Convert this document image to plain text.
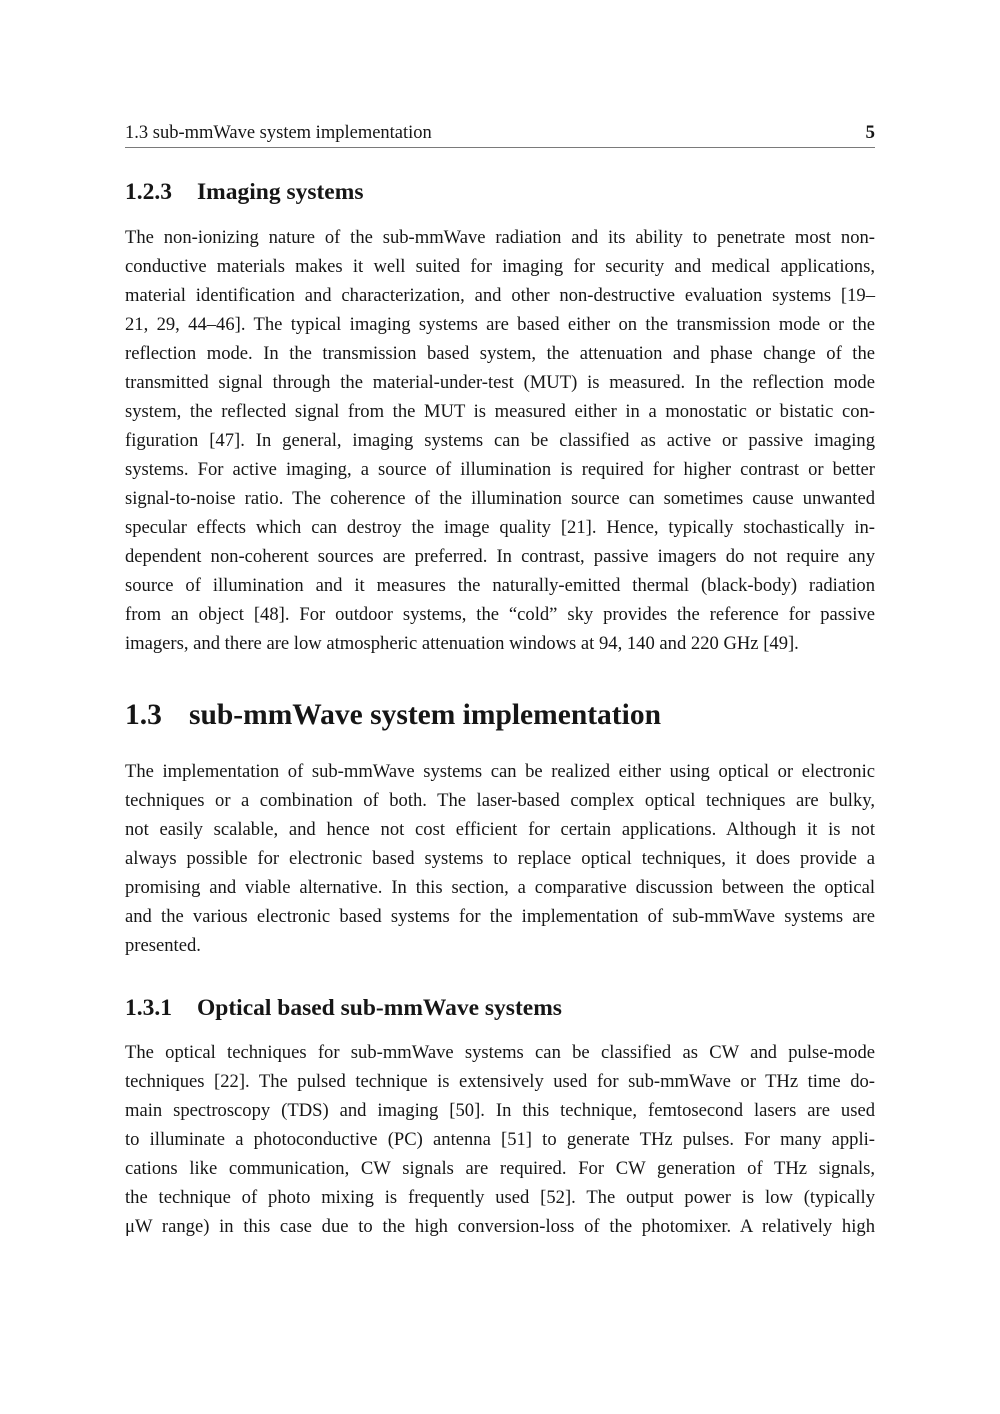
1.3 sub-mmWave system implementation	5
1.2.3 Imaging systems
The non-ionizing nature of the sub-mmWave radiation and its ability to penetrate most non-
conductive materials makes it well suited for imaging for security and medical applications,
material identification and characterization, and other non-destructive evaluation systems [19–
21, 29, 44–46]. The typical imaging systems are based either on the transmission mode or the
reflection mode. In the transmission based system, the attenuation and phase change of the
transmitted signal through the material-under-test (MUT) is measured. In the reflection mode
system, the reflected signal from the MUT is measured either in a monostatic or bistatic con-
figuration [47]. In general, imaging systems can be classified as active or passive imaging
systems. For active imaging, a source of illumination is required for higher contrast or better
signal-to-noise ratio. The coherence of the illumination source can sometimes cause unwanted
specular effects which can destroy the image quality [21]. Hence, typically stochastically in-
dependent non-coherent sources are preferred. In contrast, passive imagers do not require any
source of illumination and it measures the naturally-emitted thermal (black-body) radiation
from an object [48]. For outdoor systems, the “cold” sky provides the reference for passive
imagers, and there are low atmospheric attenuation windows at 94, 140 and 220 GHz [49].
1.3 sub-mmWave system implementation
The implementation of sub-mmWave systems can be realized either using optical or electronic
techniques or a combination of both. The laser-based complex optical techniques are bulky,
not easily scalable, and hence not cost efficient for certain applications. Although it is not
always possible for electronic based systems to replace optical techniques, it does provide a
promising and viable alternative. In this section, a comparative discussion between the optical
and the various electronic based systems for the implementation of sub-mmWave systems are
presented.
1.3.1 Optical based sub-mmWave systems
The optical techniques for sub-mmWave systems can be classified as CW and pulse-mode
techniques [22]. The pulsed technique is extensively used for sub-mmWave or THz time do-
main spectroscopy (TDS) and imaging [50]. In this technique, femtosecond lasers are used
to illuminate a photoconductive (PC) antenna [51] to generate THz pulses. For many appli-
cations like communication, CW signals are required. For CW generation of THz signals,
the technique of photo mixing is frequently used [52]. The output power is low (typically
μW range) in this case due to the high conversion-loss of the photomixer. A relatively high
